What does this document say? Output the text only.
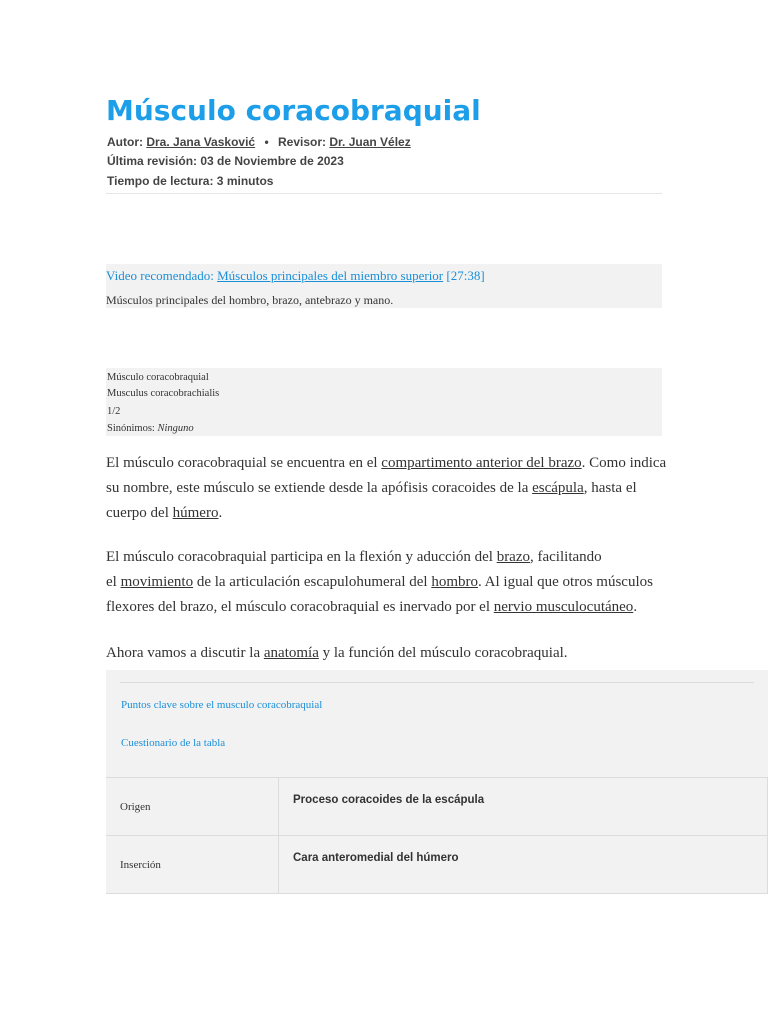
Músculo coracobraquial
Autor: Dra. Jana Vasković • Revisor: Dr. Juan Vélez
Última revisión: 03 de Noviembre de 2023
Tiempo de lectura: 3 minutos
Video recomendado: Músculos principales del miembro superior [27:38]
Músculos principales del hombro, brazo, antebrazo y mano.
Músculo coracobraquial
Musculus coracobrachialis
1/2
Sinónimos: Ninguno
El músculo coracobraquial se encuentra en el compartimento anterior del brazo. Como indica
su nombre, este músculo se extiende desde la apófisis coracoides de la escápula, hasta el
cuerpo del húmero.
El músculo coracobraquial participa en la flexión y aducción del brazo, facilitando
el movimiento de la articulación escapulohumeral del hombro. Al igual que otros músculos
flexores del brazo, el músculo coracobraquial es inervado por el nervio musculocutáneo.
Ahora vamos a discutir la anatomía y la función del músculo coracobraquial.
Puntos clave sobre el musculo coracobraquial
Cuestionario de la tabla
Origen
Proceso coracoides de la escápula
Inserción
Cara anteromedial del húmero
